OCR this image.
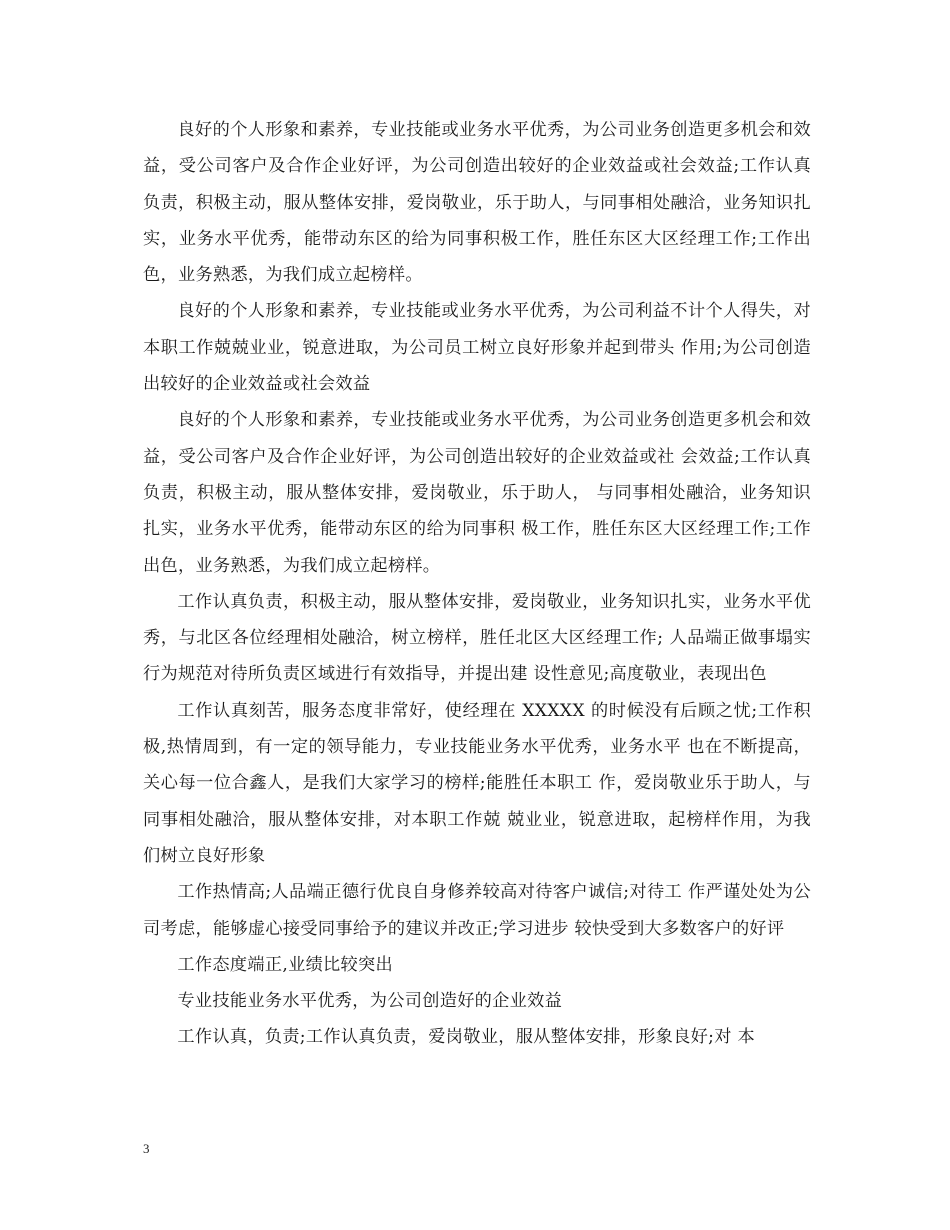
良好的个人形象和素养，专业技能或业务水平优秀，为公司业务创造更多机会和效益，受公司客户及合作企业好评，为公司创造出较好的企业效益或社会效益;工作认真负责，积极主动，服从整体安排，爱岗敬业，乐于助人，与同事相处融洽，业务知识扎实，业务水平优秀，能带动东区的给为同事积极工作，胜任东区大区经理工作;工作出色，业务熟悉，为我们成立起榜样。

良好的个人形象和素养，专业技能或业务水平优秀，为公司利益不计个人得失，对本职工作兢兢业业，锐意进取，为公司员工树立良好形象并起到带头 作用;为公司创造出较好的企业效益或社会效益

良好的个人形象和素养，专业技能或业务水平优秀，为公司业务创造更多机会和效益，受公司客户及合作企业好评，为公司创造出较好的企业效益或社 会效益;工作认真负责，积极主动，服从整体安排，爱岗敬业，乐于助人， 与同事相处融洽，业务知识扎实，业务水平优秀，能带动东区的给为同事积 极工作，胜任东区大区经理工作;工作出色，业务熟悉，为我们成立起榜样。

工作认真负责，积极主动，服从整体安排，爱岗敬业，业务知识扎实，业务水平优秀，与北区各位经理相处融洽，树立榜样，胜任北区大区经理工作; 人品端正做事塌实行为规范对待所负责区域进行有效指导，并提出建 设性意见;高度敬业，表现出色

工作认真刻苦，服务态度非常好，使经理在 XXXXX 的时候没有后顾之忧;工作积极,热情周到，有一定的领导能力，专业技能业务水平优秀，业务水平 也在不断提高，关心每一位合鑫人，是我们大家学习的榜样;能胜任本职工 作，爱岗敬业乐于助人，与同事相处融洽，服从整体安排，对本职工作兢 兢业业，锐意进取，起榜样作用，为我们树立良好形象

工作热情高;人品端正德行优良自身修养较高对待客户诚信;对待工 作严谨处处为公司考虑，能够虚心接受同事给予的建议并改正;学习进步 较快受到大多数客户的好评

工作态度端正,业绩比较突出

专业技能业务水平优秀，为公司创造好的企业效益

工作认真，负责;工作认真负责，爱岗敬业，服从整体安排，形象良好;对 本

3
